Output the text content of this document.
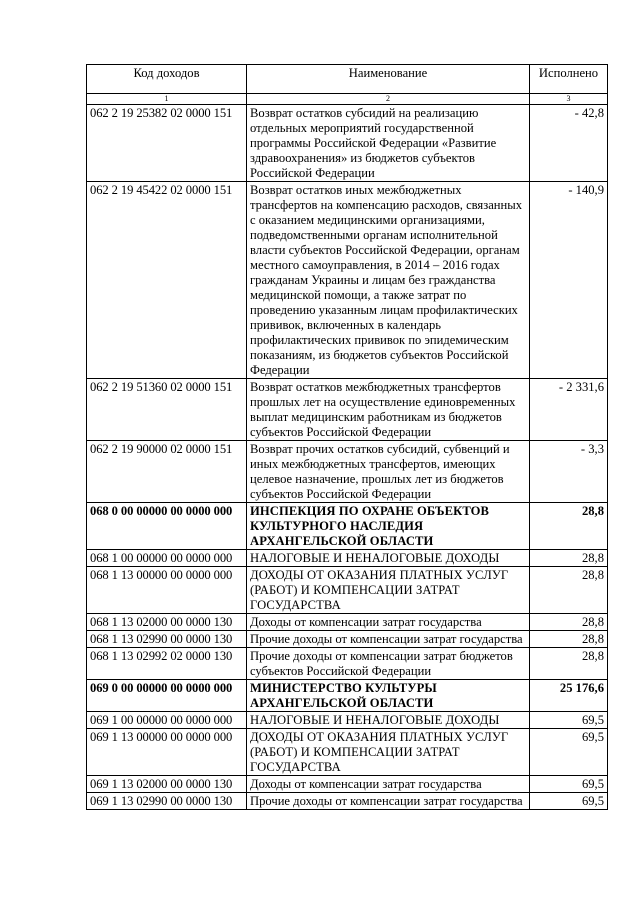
Код доходов	Наименование	Исполнено
1	2	3
062 2 19 25382 02 0000 151	Возврат остатков субсидий на реализацию отдельных мероприятий государственной программы Российской Федерации «Развитие здравоохранения» из бюджетов субъектов Российской Федерации	- 42,8
062 2 19 45422 02 0000 151	Возврат остатков иных межбюджетных трансфертов на компенсацию расходов, связанных с оказанием медицинскими организациями, подведомственными органам исполнительной власти субъектов Российской Федерации, органам местного самоуправления, в 2014 – 2016 годах гражданам Украины и лицам без гражданства медицинской помощи, а также затрат по проведению указанным лицам профилактических прививок, включенных в календарь профилактических прививок по эпидемическим показаниям, из бюджетов субъектов Российской Федерации	- 140,9
062 2 19 51360 02 0000 151	Возврат остатков межбюджетных трансфертов прошлых лет на осуществление единовременных выплат медицинским работникам из бюджетов субъектов Российской Федерации	- 2 331,6
062 2 19 90000 02 0000 151	Возврат прочих остатков субсидий, субвенций и иных межбюджетных трансфертов, имеющих целевое назначение, прошлых лет из бюджетов субъектов Российской Федерации	- 3,3
068 0 00 00000 00 0000 000	ИНСПЕКЦИЯ ПО ОХРАНЕ ОБЪЕКТОВ КУЛЬТУРНОГО НАСЛЕДИЯ АРХАНГЕЛЬСКОЙ ОБЛАСТИ	28,8
068 1 00 00000 00 0000 000	НАЛОГОВЫЕ И НЕНАЛОГОВЫЕ ДОХОДЫ	28,8
068 1 13 00000 00 0000 000	ДОХОДЫ ОТ ОКАЗАНИЯ ПЛАТНЫХ УСЛУГ (РАБОТ) И КОМПЕНСАЦИИ ЗАТРАТ ГОСУДАРСТВА	28,8
068 1 13 02000 00 0000 130	Доходы от компенсации затрат государства	28,8
068 1 13 02990 00 0000 130	Прочие доходы от компенсации затрат государства	28,8
068 1 13 02992 02 0000 130	Прочие доходы от компенсации затрат бюджетов субъектов Российской Федерации	28,8
069 0 00 00000 00 0000 000	МИНИСТЕРСТВО КУЛЬТУРЫ АРХАНГЕЛЬСКОЙ ОБЛАСТИ	25 176,6
069 1 00 00000 00 0000 000	НАЛОГОВЫЕ И НЕНАЛОГОВЫЕ ДОХОДЫ	69,5
069 1 13 00000 00 0000 000	ДОХОДЫ ОТ ОКАЗАНИЯ ПЛАТНЫХ УСЛУГ (РАБОТ) И КОМПЕНСАЦИИ ЗАТРАТ ГОСУДАРСТВА	69,5
069 1 13 02000 00 0000 130	Доходы от компенсации затрат государства	69,5
069 1 13 02990 00 0000 130	Прочие доходы от компенсации затрат государства	69,5
